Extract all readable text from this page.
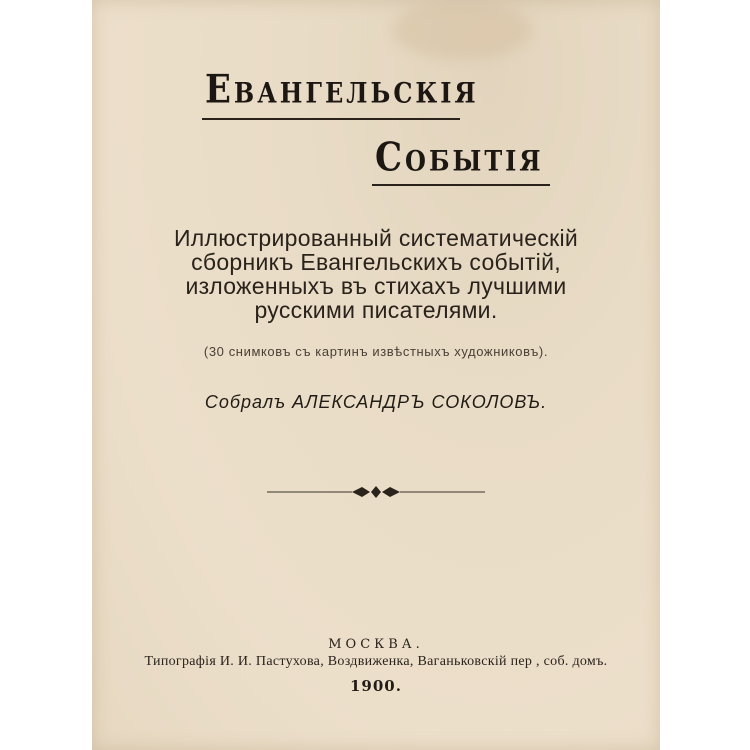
Евангельскія
Событія
Иллюстрированный систематическій
сборникъ Евангельскихъ событій,
изложенныхъ въ стихахъ лучшими
русскими писателями.
(30 снимковъ съ картинъ извѣстныхъ художниковъ).
Собралъ АЛЕКСАНДРЪ СОКОЛОВЪ.
МОСКВА.
Типографія И. И. Пастухова, Воздвиженка, Ваганьковскій пер , соб. домъ.
1900.
